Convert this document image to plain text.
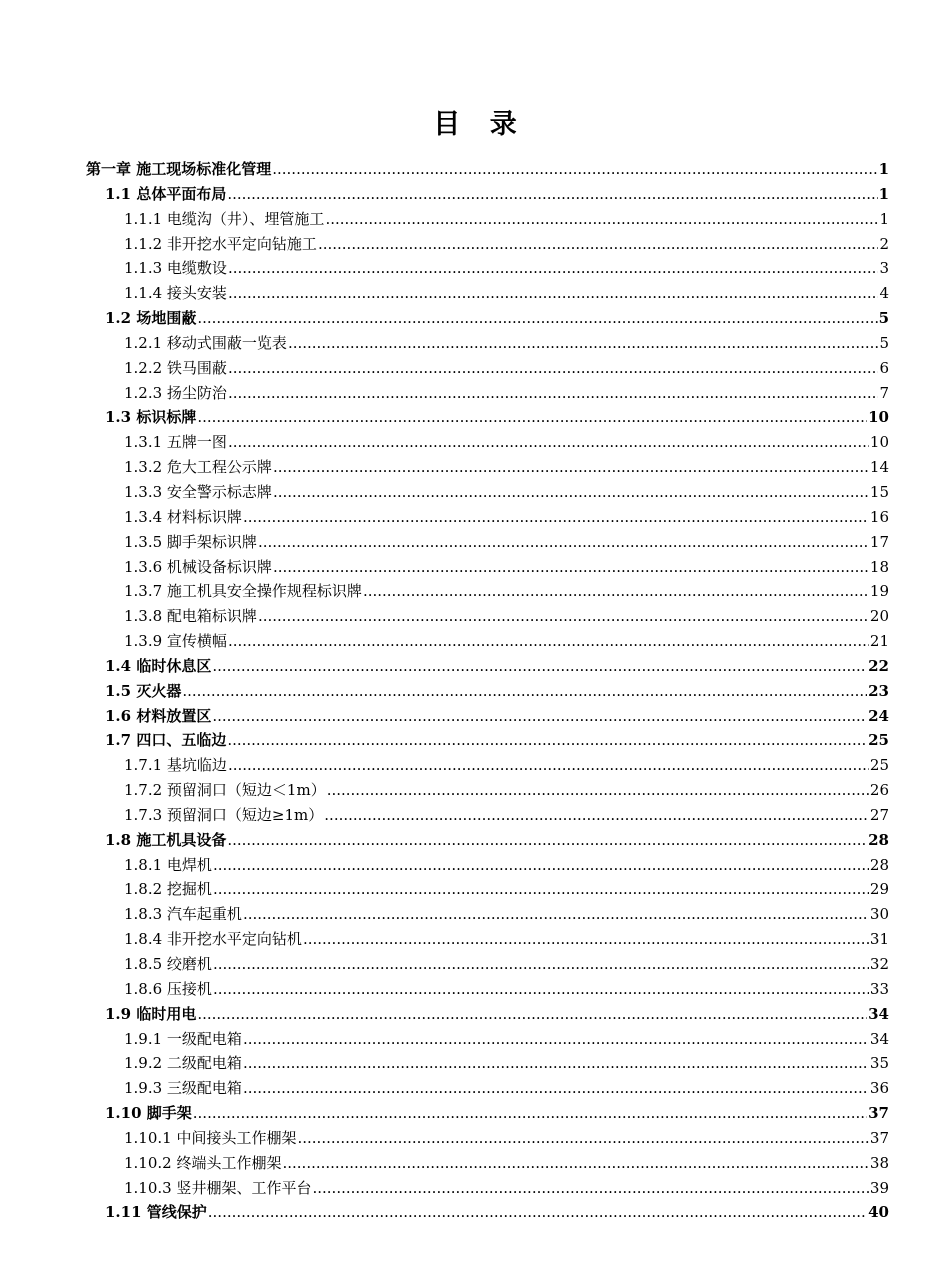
目 录
第一章 施工现场标准化管理 .....	1
1.1 总体平面布局 .....	1
1.1.1 电缆沟（井）、埋管施工 .....	1
1.1.2 非开挖水平定向钻施工 .....	2
1.1.3 电缆敷设 .....	3
1.1.4 接头安装 .....	4
1.2 场地围蔽 .....	5
1.2.1 移动式围蔽一览表 .....	5
1.2.2 铁马围蔽 .....	6
1.2.3 扬尘防治 .....	7
1.3 标识标牌 .....	10
1.3.1 五牌一图 .....	10
1.3.2 危大工程公示牌 .....	14
1.3.3 安全警示标志牌 .....	15
1.3.4 材料标识牌 .....	16
1.3.5 脚手架标识牌 .....	17
1.3.6 机械设备标识牌 .....	18
1.3.7 施工机具安全操作规程标识牌 .....	19
1.3.8 配电箱标识牌 .....	20
1.3.9 宣传横幅 .....	21
1.4 临时休息区 .....	22
1.5 灭火器 .....	23
1.6 材料放置区 .....	24
1.7 四口、五临边 .....	25
1.7.1 基坑临边 .....	25
1.7.2 预留洞口（短边＜1m） .....	26
1.7.3 预留洞口（短边≥1m） .....	27
1.8 施工机具设备 .....	28
1.8.1 电焊机 .....	28
1.8.2 挖掘机 .....	29
1.8.3 汽车起重机 .....	30
1.8.4 非开挖水平定向钻机 .....	31
1.8.5 绞磨机 .....	32
1.8.6 压接机 .....	33
1.9 临时用电 .....	34
1.9.1 一级配电箱 .....	34
1.9.2 二级配电箱 .....	35
1.9.3 三级配电箱 .....	36
1.10 脚手架 .....	37
1.10.1 中间接头工作棚架 .....	37
1.10.2 终端头工作棚架 .....	38
1.10.3 竖井棚架、工作平台 .....	39
1.11 管线保护 .....	40
